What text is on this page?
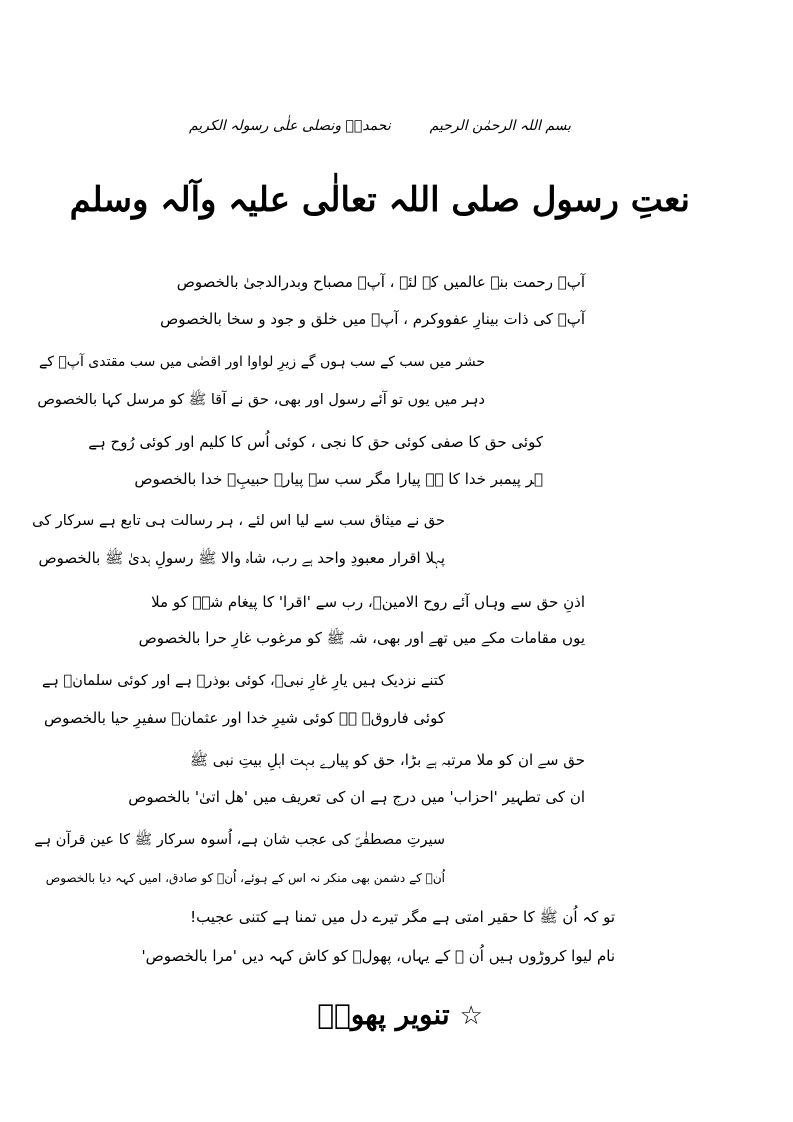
بسم اللہ الرحمٰن الرحیم  نحمدہٗ ونصلی علٰی رسولہ الکریم
نعتِ رسول صلی اللہ تعالٰی علیہ وآلہ وسلم
آپؐ رحمت بنے عالمیں کے لئے ، آپؐ مصباح وبدرالدجیٰ بالخصوص
آپؐ کی ذات بینارِ عفووکرم ، آپؐ میں خلق و جود و سخا بالخصوص
حشر میں سب کے سب ہوں گے زیرِ لواوا اور اقصٰی میں سب مقتدی آپؐ کے
دہر میں یوں تو آئے رسول اور بھی، حق نے آقا ﷺ کو مرسل کہا بالخصوص
کوئی حق کا صفی کوئی حق کا نجی ، کوئی اُس کا کلیم اور کوئی رُوح ہے
ہر پیمبر خدا کا ہے پیارا مگر سب سے پیارے حبیبِؐ خدا بالخصوص
حق نے میثاق سب سے لیا اس لئے ، ہر رسالت ہی تابع ہے سرکار کی
پہلا اقرار معبودِ واحد ہے رب، شاہ والا ﷺ رسولِ ہدیٰ ﷺ بالخصوص
اذنِ حق سے وہاں آئے روح الامینؑ، رب سے 'اقرا' کا پیغام شہؐ کو ملا
یوں مقامات مکے میں تھے اور بھی، شہ ﷺ کو مرغوب غارِ حرا بالخصوص
کتنے نزدیک ہیں یارِ غارِ نبیؐ، کوئی بوذرؓ ہے اور کوئی سلمانؓ ہے
کوئی فاروقؓ ہے کوئی شیرِ خدا اور عثمانؓ سفیرِ حیا بالخصوص
حق سے ان کو ملا مرتبہ ہے بڑا، حق کو پیارے بہت اہلِ بیتِ نبی ﷺ
ان کی تطہیر 'احزاب' میں درج ہے ان کی تعریف میں 'ھل اتیٰ' بالخصوص
سیرتِ مصطفٰیؐ کی عجب شان ہے، اُسوہ سرکار ﷺ کا عین قرآن ہے
اُنؐ کے دشمن بھی منکر نہ اس کے ہوئے، اُنؐ کو صادق، امیں کہہ دیا بالخصوص
تو کہ اُن ﷺ کا حقیر امتی ہے مگر تیرے دل میں تمنا ہے کتنی عجیب!
نام لیوا کروڑوں ہیں اُن ﷺ کے یہاں، پھولؔ کو کاش کہہ دیں 'مرا بالخصوص'
☆ تنویر پھولؔ
